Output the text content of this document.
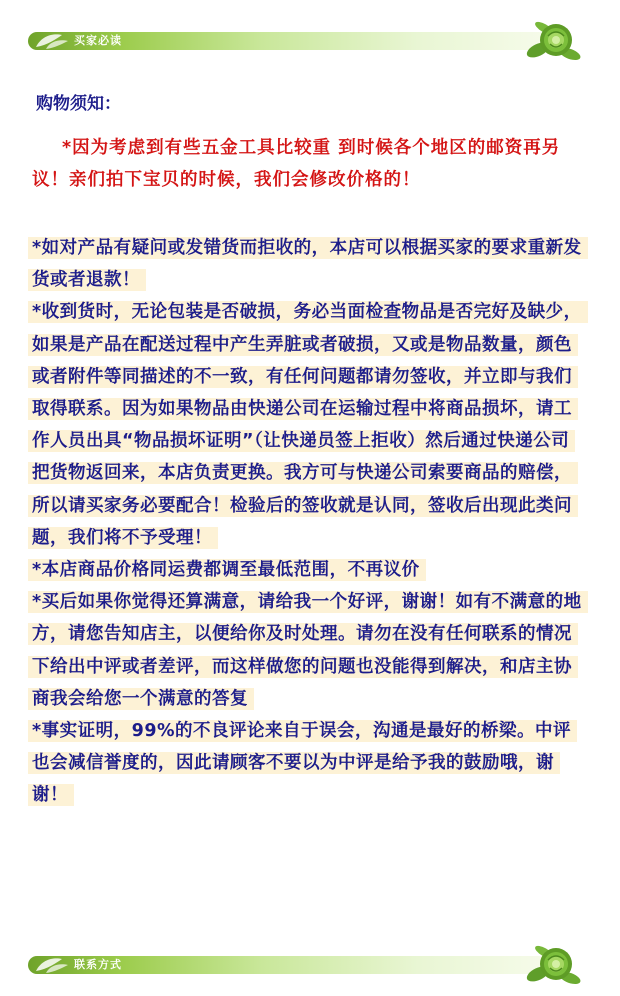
买家必读
购物须知：
*因为考虑到有些五金工具比较重 到时候各个地区的邮资再另议！亲们拍下宝贝的时候，我们会修改价格的！
*如对产品有疑问或发错货而拒收的，本店可以根据买家的要求重新发货或者退款！
*收到货时，无论包装是否破损，务必当面检查物品是否完好及缺少，如果是产品在配送过程中产生弄脏或者破损，又或是物品数量，颜色或者附件等同描述的不一致，有任何问题都请勿签收，并立即与我们取得联系。因为如果物品由快递公司在运输过程中将商品损坏，请工作人员出具“物品损坏证明”（让快递员签上拒收）然后通过快递公司把货物返回来，本店负责更换。我方可与快递公司索要商品的赔偿，所以请买家务必要配合！检验后的签收就是认同，签收后出现此类问题，我们将不予受理！
*本店商品价格同运费都调至最低范围，不再议价
*买后如果你觉得还算满意，请给我一个好评，谢谢！如有不满意的地方，请您告知店主，以便给你及时处理。请勿在没有任何联系的情况下给出中评或者差评，而这样做您的问题也没能得到解决，和店主协商我会给您一个满意的答复
*事实证明，99%的不良评论来自于误会，沟通是最好的桥梁。中评也会减信誉度的，因此请顾客不要以为中评是给予我的鼓励哦，谢谢！
联系方式
